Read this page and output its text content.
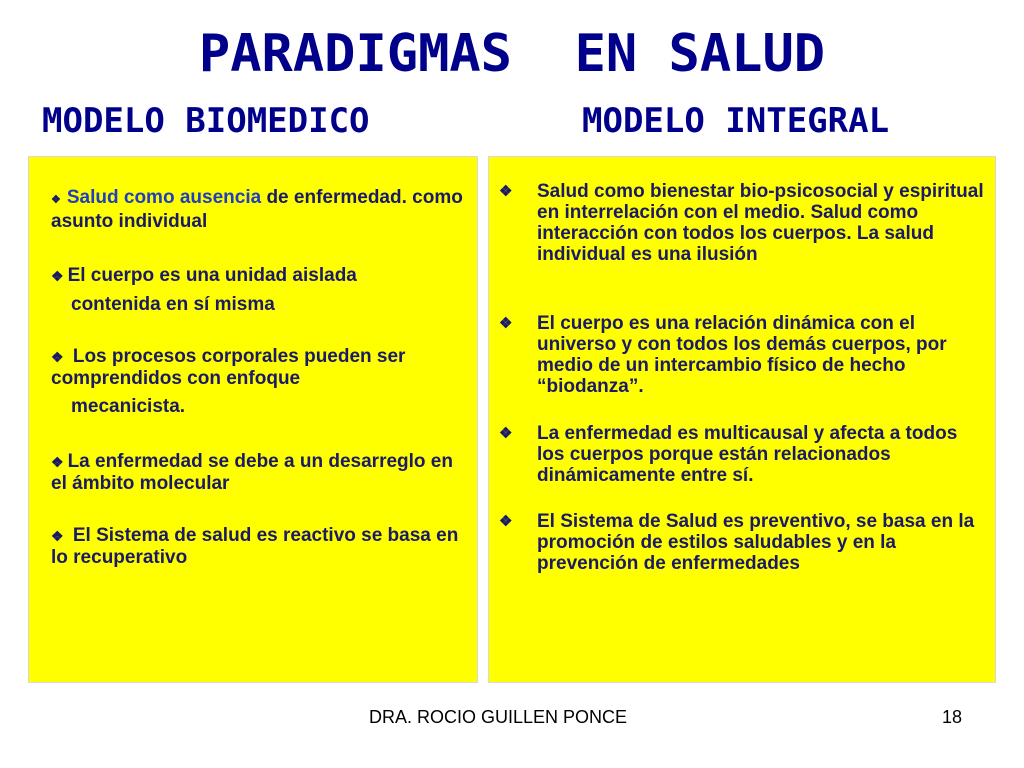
PARADIGMAS  EN SALUD
MODELO BIOMEDICO	MODELO INTEGRAL
❖ Salud como ausencia de enfermedad. como asunto individual
❖ El cuerpo es una unidad aislada
contenida en sí misma
❖ Los procesos corporales pueden ser comprendidos con enfoque
mecanicista.
❖ La enfermedad se debe a un desarreglo en el ámbito molecular
❖ El Sistema de salud es reactivo se basa en lo recuperativo
❖	Salud como bienestar bio-psicosocial y espiritual en interrelación con el medio. Salud como interacción con todos los cuerpos. La salud individual es una ilusión
❖	El cuerpo es una relación dinámica con el universo y con todos los demás cuerpos, por medio de un intercambio físico de hecho “biodanza”.
❖	La enfermedad es multicausal y afecta a todos los cuerpos porque están relacionados dinámicamente entre sí.
❖	El Sistema de Salud es preventivo, se basa en la promoción de estilos saludables y en la prevención de enfermedades
DRA. ROCIO GUILLEN PONCE	18
